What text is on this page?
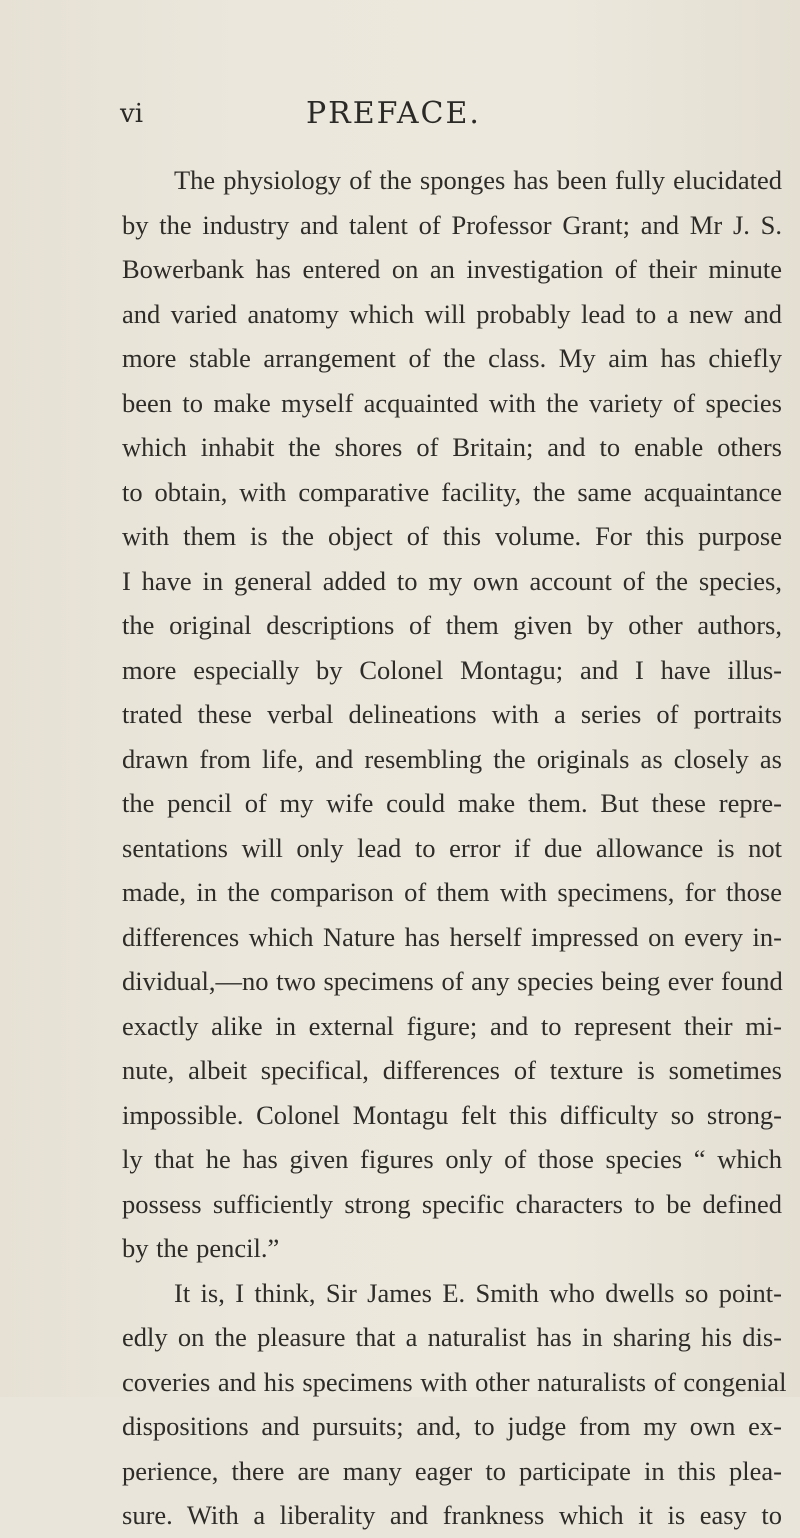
vi	PREFACE.
The physiology of the sponges has been fully elucidated
by the industry and talent of Professor Grant; and Mr J. S.
Bowerbank has entered on an investigation of their minute
and varied anatomy which will probably lead to a new and
more stable arrangement of the class. My aim has chiefly
been to make myself acquainted with the variety of species
which inhabit the shores of Britain; and to enable others
to obtain, with comparative facility, the same acquaintance
with them is the object of this volume. For this purpose
I have in general added to my own account of the species,
the original descriptions of them given by other authors,
more especially by Colonel Montagu; and I have illus-
trated these verbal delineations with a series of portraits
drawn from life, and resembling the originals as closely as
the pencil of my wife could make them. But these repre-
sentations will only lead to error if due allowance is not
made, in the comparison of them with specimens, for those
differences which Nature has herself impressed on every in-
dividual,—no two specimens of any species being ever found
exactly alike in external figure; and to represent their mi-
nute, albeit specifical, differences of texture is sometimes
impossible. Colonel Montagu felt this difficulty so strong-
ly that he has given figures only of those species “ which
possess sufficiently strong specific characters to be defined
by the pencil.”
It is, I think, Sir James E. Smith who dwells so point-
edly on the pleasure that a naturalist has in sharing his dis-
coveries and his specimens with other naturalists of congenial
dispositions and pursuits; and, to judge from my own ex-
perience, there are many eager to participate in this plea-
sure. With a liberality and frankness which it is easy to
